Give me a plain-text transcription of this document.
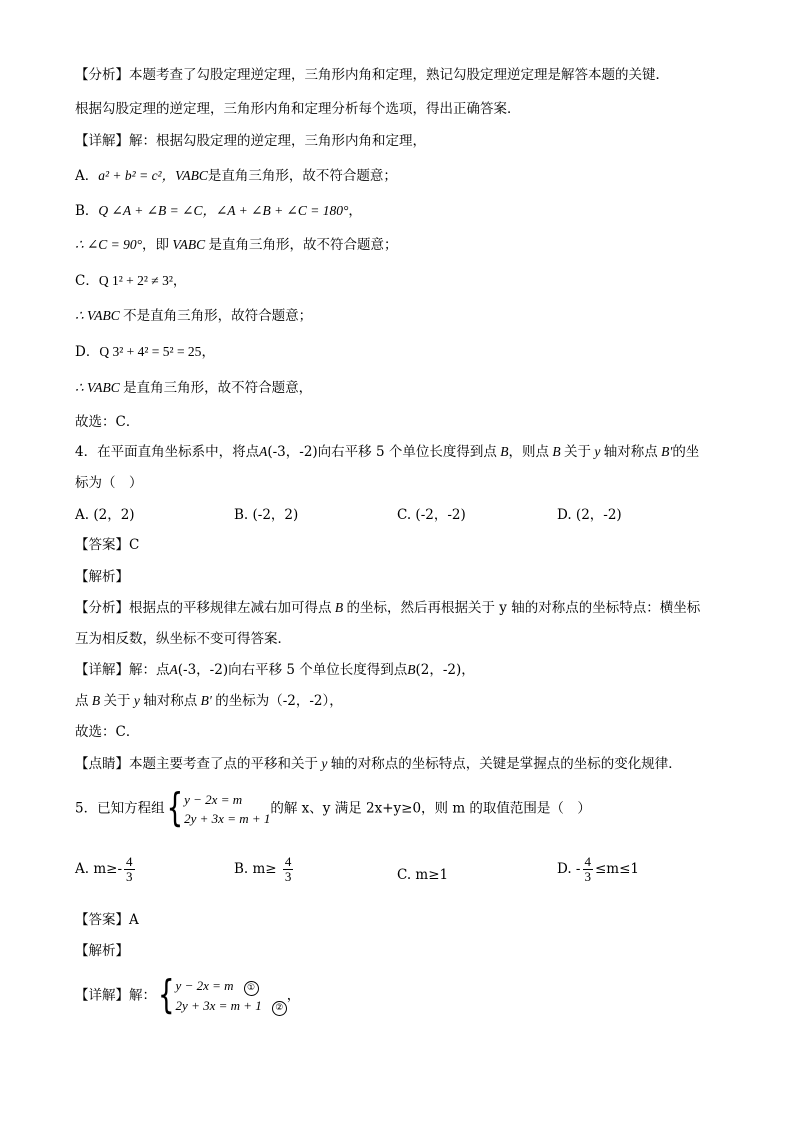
【分析】本题考查了勾股定理逆定理，三角形内角和定理，熟记勾股定理逆定理是解答本题的关键．
根据勾股定理的逆定理，三角形内角和定理分析每个选项，得出正确答案．
【详解】解：根据勾股定理的逆定理，三角形内角和定理，
A．a² + b² = c²，VABC是直角三角形，故不符合题意；
B．Q ∠A + ∠B = ∠C，∠A + ∠B + ∠C = 180°，
∴ ∠C = 90°，即 VABC 是直角三角形，故不符合题意；
C．Q 1² + 2² ≠ 3²，
∴ VABC 不是直角三角形，故符合题意；
D．Q 3² + 4² = 5² = 25，
∴ VABC 是直角三角形，故不符合题意，
故选：C．
4．在平面直角坐标系中，将点A(-3，-2)向右平移 5 个单位长度得到点 B，则点 B 关于 y 轴对称点 B′的坐
标为（　）
A. (2，2)	B. (-2，2)	C. (-2，-2)	D. (2，-2)
【答案】C
【解析】
【分析】根据点的平移规律左减右加可得点 B 的坐标，然后再根据关于 y 轴的对称点的坐标特点：横坐标
互为相反数，纵坐标不变可得答案．
【详解】解：点A(-3，-2)向右平移 5 个单位长度得到点B(2，-2)，
点 B 关于 y 轴对称点 B′ 的坐标为（-2，-2），
故选：C．
【点睛】本题主要考查了点的平移和关于 y 轴的对称点的坐标特点，关键是掌握点的坐标的变化规律．
5．已知方程组{ y − 2x = m
2y + 3x = m + 1
的解 x、y 满足 2x+y≥0，则 m 的取值范围是（　）
A. $m\ge- \frac{4}{3}$	B. $m\ge \frac{4}{3}$	C. m≥1	D. - $\frac{4}{3} \le m\le 1$
【答案】A
【解析】
【详解】解：{ y − 2x = m ①
2y + 3x = m + 1 ②
，
